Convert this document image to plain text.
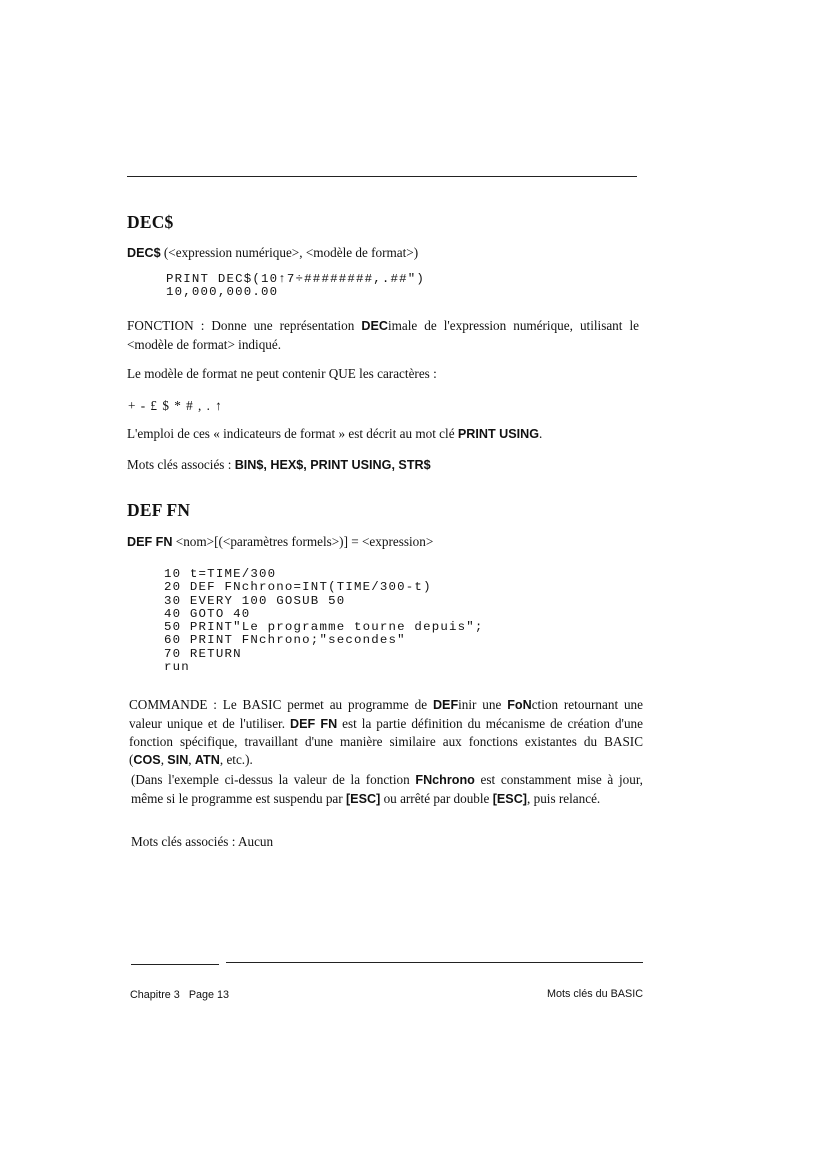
DEC$
DEC$ (<expression numérique>, <modèle de format>)
PRINT DEC$(10↑7÷########,.##")
10,000,000.00
FONCTION : Donne une représentation DECimale de l'expression numérique, utilisant le <modèle de format> indiqué.
Le modèle de format ne peut contenir QUE les caractères :
+ - £ $ * # , . ↑
L'emploi de ces « indicateurs de format » est décrit au mot clé PRINT USING.
Mots clés associés : BIN$, HEX$, PRINT USING, STR$
DEF FN
DEF FN <nom>[(<paramètres formels>)] = <expression>
10 t=TIME/300
20 DEF FNchrono=INT(TIME/300-t)
30 EVERY 100 GOSUB 50
40 GOTO 40
50 PRINT"Le programme tourne depuis";
60 PRINT FNchrono;"secondes"
70 RETURN
run
COMMANDE : Le BASIC permet au programme de DEFinir une FoNction retournant une valeur unique et de l'utiliser. DEF FN est la partie définition du mécanisme de création d'une fonction spécifique, travaillant d'une manière similaire aux fonctions existantes du BASIC (COS, SIN, ATN, etc.).
(Dans l'exemple ci-dessus la valeur de la fonction FNchrono est constamment mise à jour, même si le programme est suspendu par [ESC] ou arrêté par double [ESC], puis relancé.
Mots clés associés : Aucun
Chapitre 3   Page 13	Mots clés du BASIC
